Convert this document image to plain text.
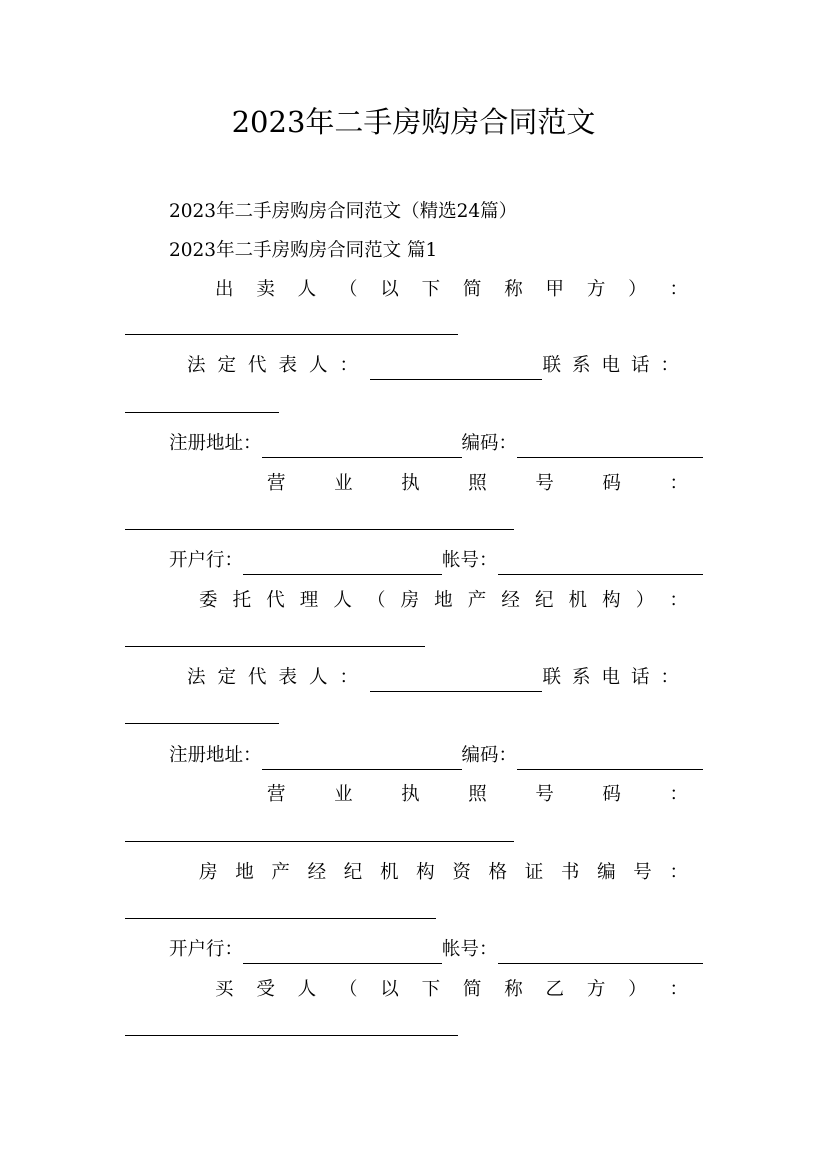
2023年二手房购房合同范文
2023年二手房购房合同范文（精选24篇）
2023年二手房购房合同范文 篇1
出 卖 人 （ 以 下 简 称 甲 方 ） ：
法定代表人：	联系电话：
注册地址：	编码：
营	业	执	照	号	码	：
开户行：	帐号：
委 托 代 理 人 （ 房 地 产 经 纪 机 构 ） ：
法定代表人：	联系电话：
注册地址：	编码：
营	业	执	照	号	码	：
房 地 产 经 纪 机 构 资 格 证 书 编 号 ：
开户行：	帐号：
买 受 人 （ 以 下 简 称 乙 方 ） ：
